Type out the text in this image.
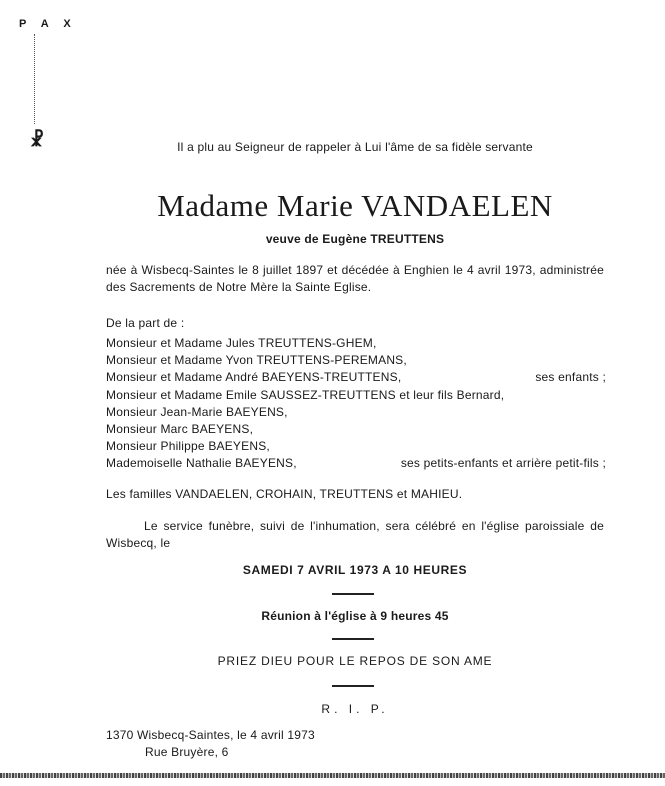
P A X
☧	Il a plu au Seigneur de rappeler à Lui l'âme de sa fidèle servante
Madame Marie VANDAELEN
veuve de Eugène TREUTTENS
née à Wisbecq-Saintes le 8 juillet 1897 et décédée à Enghien le 4 avril 1973, administrée des Sacrements de Notre Mère la Sainte Eglise.
De la part de :
Monsieur et Madame Jules TREUTTENS-GHEM,
Monsieur et Madame Yvon TREUTTENS-PEREMANS,
Monsieur et Madame André BAEYENS-TREUTTENS,	ses enfants ;
Monsieur et Madame Emile SAUSSEZ-TREUTTENS et leur fils Bernard,
Monsieur Jean-Marie BAEYENS,
Monsieur Marc BAEYENS,
Monsieur Philippe BAEYENS,
Mademoiselle Nathalie BAEYENS,	ses petits-enfants et arrière petit-fils ;
Les familles VANDAELEN, CROHAIN, TREUTTENS et MAHIEU.
Le service funèbre, suivi de l'inhumation, sera célébré en l'église paroissiale de Wisbecq, le
SAMEDI 7 AVRIL 1973 A 10 HEURES
Réunion à l'église à 9 heures 45
PRIEZ DIEU POUR LE REPOS DE SON AME
R. I. P.
1370 Wisbecq-Saintes, le 4 avril 1973
Rue Bruyère, 6
